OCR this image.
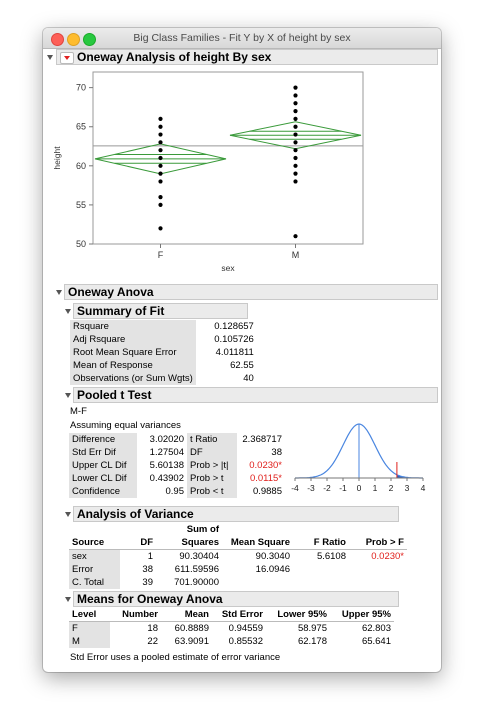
Big Class Families - Fit Y by X of height by sex
Oneway Analysis of height By sex
50
55
60
65
70
height
F	M
sex
Oneway Anova
Summary of Fit
Rsquare	0.128657
Adj Rsquare	0.105726
Root Mean Square Error	4.011811
Mean of Response	62.55
Observations (or Sum Wgts)	40
Pooled t Test
M-F
Assuming equal variances
Difference	3.02020	t Ratio	2.368717
Std Err Dif	1.27504	DF	38
Upper CL Dif	5.60138	Prob > |t|	0.0230*
Lower CL Dif	0.43902	Prob > t	0.0115*
Confidence	0.95	Prob < t	0.9885 -4 -3 -2 -1 0 1 2 3 4
Analysis of Variance
		Sum of			
Source	DF	Squares	Mean Square	F Ratio	Prob > F
sex	1	90.30404	90.3040	5.6108	0.0230*
Error	38	611.59596	16.0946		
C. Total	39	701.90000			
Means for Oneway Anova
Level	Number	Mean	Std Error	Lower 95%	Upper 95%
F	18	60.8889	0.94559	58.975	62.803
M	22	63.9091	0.85532	62.178	65.641
Std Error uses a pooled estimate of error variance
